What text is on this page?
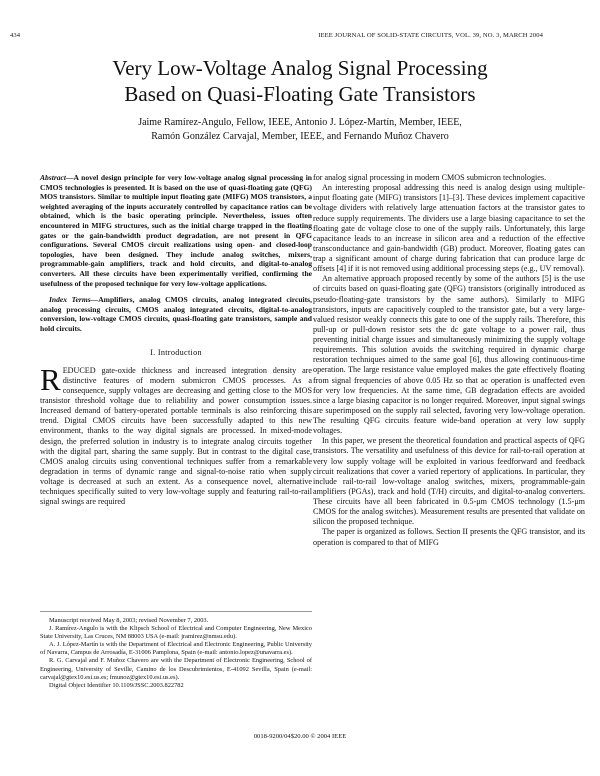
434	IEEE JOURNAL OF SOLID-STATE CIRCUITS, VOL. 39, NO. 3, MARCH 2004
Very Low-Voltage Analog Signal Processing
Based on Quasi-Floating Gate Transistors
Jaime Ramírez-Angulo, Fellow, IEEE, Antonio J. López-Martín, Member, IEEE,
Ramón González Carvajal, Member, IEEE, and Fernando Muñoz Chavero

Abstract—A novel design principle for very low-voltage analog signal processing in CMOS technologies is presented. It is based on the use of quasi-floating gate (QFG) MOS transistors. Similar to multiple input floating gate (MIFG) MOS transistors, a weighted averaging of the inputs accurately controlled by capacitance ratios can be obtained, which is the basic operating principle. Nevertheless, issues often encountered in MIFG structures, such as the initial charge trapped in the floating gates or the gain-bandwidth product degradation, are not present in QFG configurations. Several CMOS circuit realizations using open- and closed-loop topologies, have been designed. They include analog switches, mixers, programmable-gain amplifiers, track and hold circuits, and digital-to-analog converters. All these circuits have been experimentally verified, confirming the usefulness of the proposed technique for very low-voltage applications.

Index Terms—Amplifiers, analog CMOS circuits, analog integrated circuits, analog processing circuits, CMOS analog integrated circuits, digital-to-analog conversion, low-voltage CMOS circuits, quasi-floating gate transistors, sample and hold circuits.

I. Introduction

REDUCED gate-oxide thickness and increased integration density are distinctive features of modern submicron CMOS processes. As a consequence, supply voltages are decreasing and getting close to the MOS transistor threshold voltage due to reliability and power consumption issues. Increased demand of battery-operated portable terminals is also reinforcing this trend. Digital CMOS circuits have been successfully adapted to this new environment, thanks to the way digital signals are processed. In mixed-mode design, the preferred solution in industry is to integrate analog circuits together with the digital part, sharing the same supply. But in contrast to the digital case, CMOS analog circuits using conventional techniques suffer from a remarkable degradation in terms of dynamic range and signal-to-noise ratio when supply voltage is decreased at such an extent. As a consequence novel, alternative techniques specifically suited to very low-voltage supply and featuring rail-to-rail signal swings are required

Manuscript received May 8, 2003; revised November 7, 2003.

J. Ramírez-Angulo is with the Klipsch School of Electrical and Computer Engineering, New Mexico State University, Las Cruces, NM 88003 USA (e-mail: jramirez@nmsu.edu).

A. J. López-Martín is with the Department of Electrical and Electronic Engineering, Public University of Navarra, Campus de Arrosadía, E-31006 Pamplona, Spain (e-mail: antonio.lopez@unavarra.es).

R. G. Carvajal and F. Muñoz Chavero are with the Department of Electronic Engineering, School of Engineering, University of Seville, Camino de los Descubrimientos, E-41092 Sevilla, Spain (e-mail: carvajal@gtex10.esi.us.es; fmunoz@gtex10.esi.us.es).

Digital Object Identifier 10.1109/JSSC.2003.822782

for analog signal processing in modern CMOS submicron technologies.

An interesting proposal addressing this need is analog design using multiple-input floating gate (MIFG) transistors [1]–[3]. These devices implement capacitive voltage dividers with relatively large attenuation factors at the transistor gates to reduce supply requirements. The dividers use a large biasing capacitance to set the floating gate dc voltage close to one of the supply rails. Unfortunately, this large capacitance leads to an increase in silicon area and a reduction of the effective transconductance and gain-bandwidth (GB) product. Moreover, floating gates can trap a significant amount of charge during fabrication that can produce large dc offsets [4] if it is not removed using additional processing steps (e.g., UV removal).

An alternative approach proposed recently by some of the authors [5] is the use of circuits based on quasi-floating gate (QFG) transistors (originally introduced as pseudo-floating-gate transistors by the same authors). Similarly to MIFG transistors, inputs are capacitively coupled to the transistor gate, but a very large-valued resistor weakly connects this gate to one of the supply rails. Therefore, this pull-up or pull-down resistor sets the dc gate voltage to a power rail, thus preventing initial charge issues and simultaneously minimizing the supply voltage requirements. This solution avoids the switching required in dynamic charge restoration techniques aimed to the same goal [6], thus allowing continuous-time operation. The large resistance value employed makes the gate effectively floating from signal frequencies of above 0.05 Hz so that ac operation is unaffected even for very low frequencies. At the same time, GB degradation effects are avoided since a large biasing capacitor is no longer required. Moreover, input signal swings are superimposed on the supply rail selected, favoring very low-voltage operation. The resulting QFG circuits feature wide-band operation at very low supply voltages.

In this paper, we present the theoretical foundation and practical aspects of QFG transistors. The versatility and usefulness of this device for rail-to-rail operation at very low supply voltage will be exploited in various feedforward and feedback circuit realizations that cover a varied repertory of applications. In particular, they include rail-to-rail low-voltage analog switches, mixers, programmable-gain amplifiers (PGAs), track and hold (T/H) circuits, and digital-to-analog converters. These circuits have all been fabricated in 0.5-μm CMOS technology (1.5-μm CMOS for the analog switches). Measurement results are presented that validate on silicon the proposed technique.

The paper is organized as follows. Section II presents the QFG transistor, and its operation is compared to that of MIFG

0018-9200/04$20.00 © 2004 IEEE
